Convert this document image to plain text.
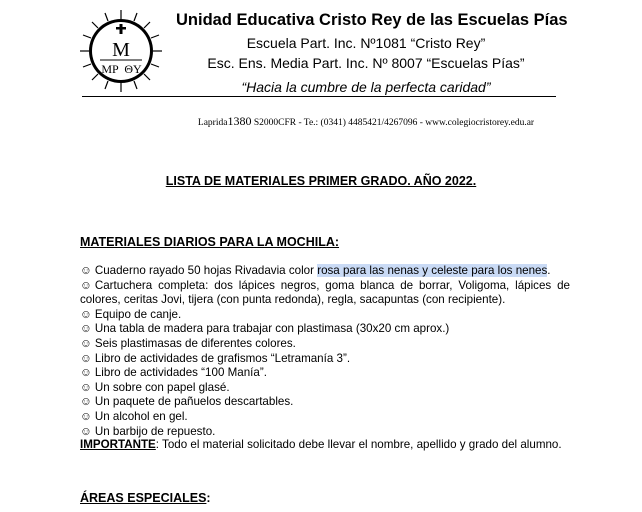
M
MP ΘY
Unidad Educativa Cristo Rey de las Escuelas Pías
Escuela Part. Inc. Nº1081 “Cristo Rey”
Esc. Ens. Media Part. Inc. Nº 8007 “Escuelas Pías”
“Hacia la cumbre de la perfecta caridad”
Laprida1380 S2000CFR - Te.: (0341) 4485421/4267096 - www.colegiocristorey.edu.ar
LISTA DE MATERIALES PRIMER GRADO. AÑO 2022.
MATERIALES DIARIOS PARA LA MOCHILA:

☺ Cuaderno rayado 50 hojas Rivadavia color rosa para las nenas y celeste para los nenes.

☺ Cartuchera completa: dos lápices negros, goma blanca de borrar, Voligoma, lápices de colores, ceritas Jovi, tijera (con punta redonda), regla, sacapuntas (con recipiente).

☺ Equipo de canje.

☺ Una tabla de madera para trabajar con plastimasa (30x20 cm aprox.)

☺ Seis plastimasas de diferentes colores.

☺ Libro de actividades de grafismos “Letramanía 3”.

☺ Libro de actividades “100 Manía”.

☺ Un sobre con papel glasé.

☺ Un paquete de pañuelos descartables.

☺ Un alcohol en gel.

☺ Un barbijo de repuesto.

IMPORTANTE: Todo el material solicitado debe llevar el nombre, apellido y grado del alumno.
ÁREAS ESPECIALES:
